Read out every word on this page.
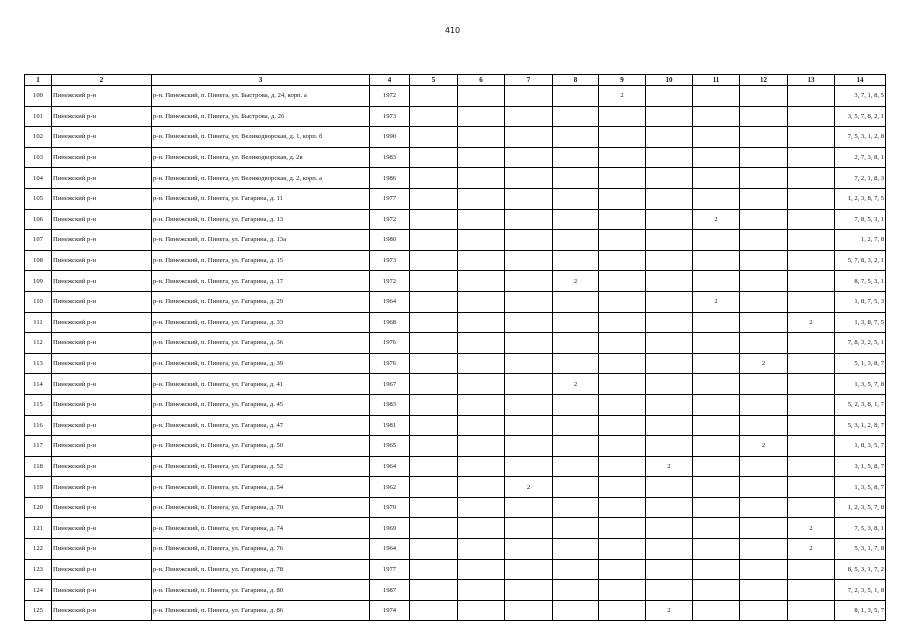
410
1	2	3	4	5	6	7	8	9	10	11	12	13	14
100	Пинежский р-н	р-н. Пинежский, п. Пинега, ул. Быстрова, д. 24, корп. а	1972					2					3, 7, 1, 8, 5
101	Пинежский р-н	р-н. Пинежский, п. Пинега, ул. Быстрова, д. 26	1973										3, 5, 7, 8, 2, 1
102	Пинежский р-н	р-н. Пинежский, п. Пинега, ул. Великодворская, д. 1, корп. б	1990										7, 5, 3, 1, 2, 8
103	Пинежский р-н	р-н. Пинежский, п. Пинега, ул. Великодворская, д. 2в	1983										2, 7, 3, 8, 1
104	Пинежский р-н	р-н. Пинежский, п. Пинега, ул. Великодворская, д. 2, корп. а	1986										7, 2, 1, 8, 3
105	Пинежский р-н	р-н. Пинежский, п. Пинега, ул. Гагарина, д. 11	1977										1, 2, 3, 8, 7, 5
106	Пинежский р-н	р-н. Пинежский, п. Пинега, ул. Гагарина, д. 13	1972							2			7, 8, 5, 3, 1
107	Пинежский р-н	р-н. Пинежский, п. Пинега, ул. Гагарина, д. 13а	1980										1, 2, 7, 8
108	Пинежский р-н	р-н. Пинежский, п. Пинега, ул. Гагарина, д. 15	1973										5, 7, 8, 3, 2, 1
109	Пинежский р-н	р-н. Пинежский, п. Пинега, ул. Гагарина, д. 17	1972				2						8, 7, 5, 3, 1
110	Пинежский р-н	р-н. Пинежский, п. Пинега, ул. Гагарина, д. 29	1964							2			1, 8, 7, 5, 3
111	Пинежский р-н	р-н. Пинежский, п. Пинега, ул. Гагарина, д. 33	1968									2	1, 3, 8, 7, 5
112	Пинежский р-н	р-н. Пинежский, п. Пинега, ул. Гагарина, д. 36	1976										7, 8, 3, 2, 5, 1
113	Пинежский р-н	р-н. Пинежский, п. Пинега, ул. Гагарина, д. 39	1976								2		5, 1, 3, 8, 7
114	Пинежский р-н	р-н. Пинежский, п. Пинега, ул. Гагарина, д. 41	1967				2						1, 3, 5, 7, 8
115	Пинежский р-н	р-н. Пинежский, п. Пинега, ул. Гагарина, д. 45	1983										5, 2, 3, 8, 1, 7
116	Пинежский р-н	р-н. Пинежский, п. Пинега, ул. Гагарина, д. 47	1981										5, 3, 1, 2, 8, 7
117	Пинежский р-н	р-н. Пинежский, п. Пинега, ул. Гагарина, д. 50	1965								2		1, 8, 3, 5, 7
118	Пинежский р-н	р-н. Пинежский, п. Пинега, ул. Гагарина, д. 52	1964						2				3, 1, 5, 8, 7
119	Пинежский р-н	р-н. Пинежский, п. Пинега, ул. Гагарина, д. 54	1962			2							1, 3, 5, 8, 7
120	Пинежский р-н	р-н. Пинежский, п. Пинега, ул. Гагарина, д. 70	1970										1, 2, 3, 5, 7, 8
121	Пинежский р-н	р-н. Пинежский, п. Пинега, ул. Гагарина, д. 74	1969									2	7, 5, 3, 8, 1
122	Пинежский р-н	р-н. Пинежский, п. Пинега, ул. Гагарина, д. 76	1964									2	5, 3, 1, 7, 8
123	Пинежский р-н	р-н. Пинежский, п. Пинега, ул. Гагарина, д. 78	1977										8, 5, 3, 1, 7, 2
124	Пинежский р-н	р-н. Пинежский, п. Пинега, ул. Гагарина, д. 80	1987										7, 2, 3, 5, 1, 8
125	Пинежский р-н	р-н. Пинежский, п. Пинега, ул. Гагарина, д. 86	1974						2				8, 1, 3, 5, 7
